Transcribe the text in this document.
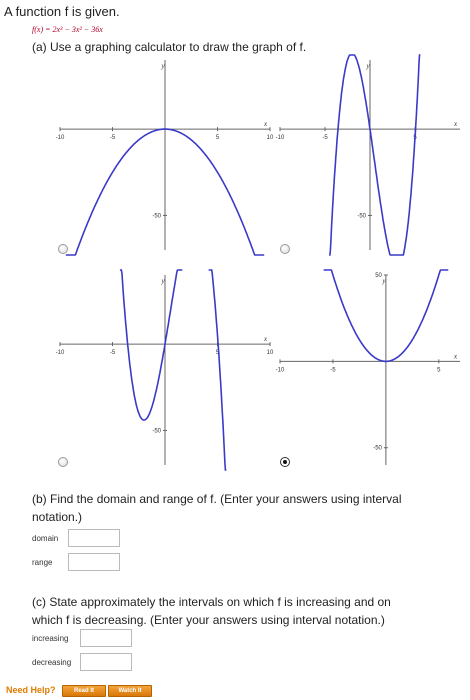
A function f is given.
f(x) = 2x³ − 3x² − 36x
(a) Use a graphing calculator to draw the graph of f.
-10	-5	5	10
-50
x
y
-10	-5	5
-50
x
y
-10	-5	5	10
-50
x
y
-10	-5	5
50
-50
x
y
(b) Find the domain and range of f. (Enter your answers using interval
notation.)
domain
range
(c) State approximately the intervals on which f is increasing and on
which f is decreasing. (Enter your answers using interval notation.)
increasing
decreasing
Need Help?	Read It	Watch It
